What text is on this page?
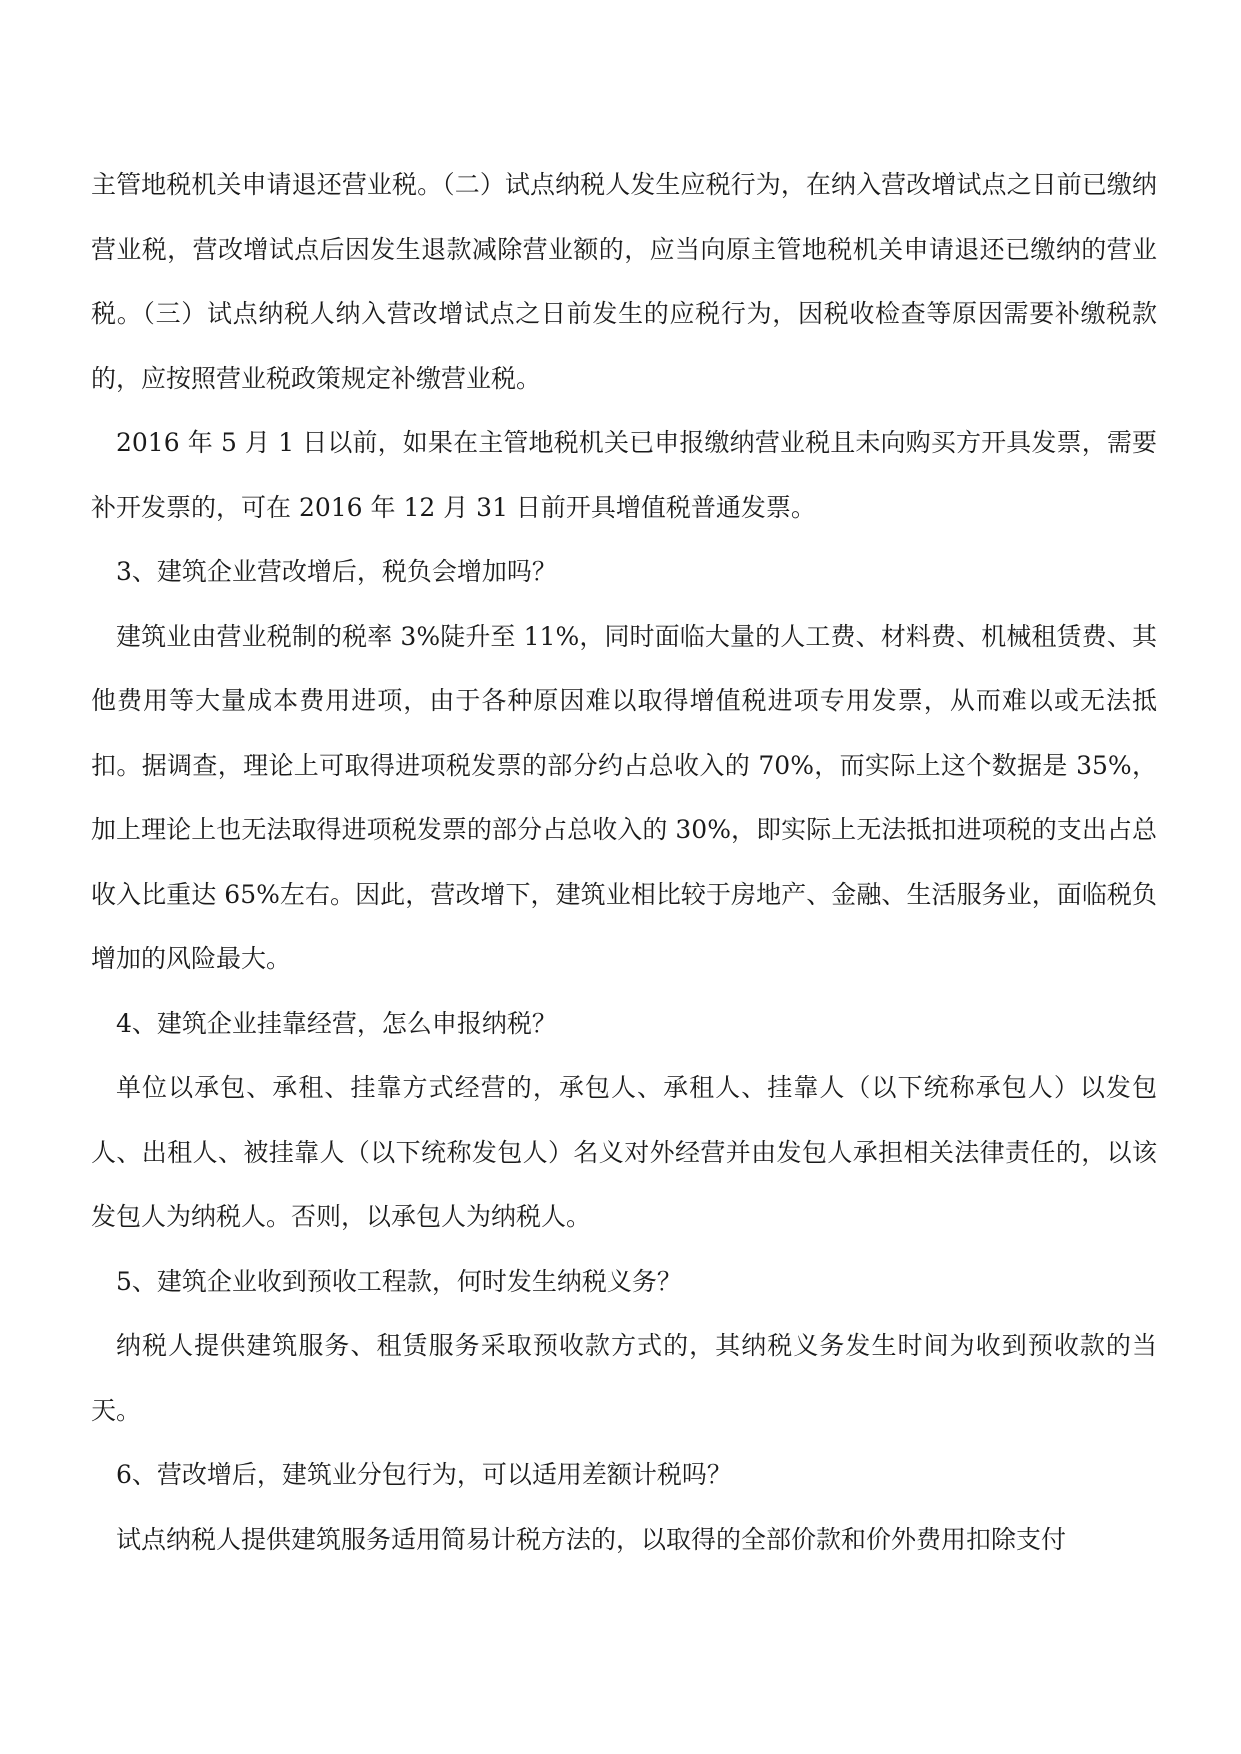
主管地税机关申请退还营业税。（二）试点纳税人发生应税行为，在纳入营改增试点之日前已缴纳营业税，营改增试点后因发生退款减除营业额的，应当向原主管地税机关申请退还已缴纳的营业税。（三）试点纳税人纳入营改增试点之日前发生的应税行为，因税收检查等原因需要补缴税款的，应按照营业税政策规定补缴营业税。

2016 年 5 月 1 日以前，如果在主管地税机关已申报缴纳营业税且未向购买方开具发票，需要补开发票的，可在 2016 年 12 月 31 日前开具增值税普通发票。

3、建筑企业营改增后，税负会增加吗？

建筑业由营业税制的税率 3%陡升至 11%，同时面临大量的人工费、材料费、机械租赁费、其他费用等大量成本费用进项，由于各种原因难以取得增值税进项专用发票，从而难以或无法抵扣。据调查，理论上可取得进项税发票的部分约占总收入的 70%，而实际上这个数据是 35%，加上理论上也无法取得进项税发票的部分占总收入的 30%，即实际上无法抵扣进项税的支出占总收入比重达 65%左右。因此，营改增下，建筑业相比较于房地产、金融、生活服务业，面临税负增加的风险最大。

4、建筑企业挂靠经营，怎么申报纳税？

单位以承包、承租、挂靠方式经营的，承包人、承租人、挂靠人（以下统称承包人）以发包人、出租人、被挂靠人（以下统称发包人）名义对外经营并由发包人承担相关法律责任的，以该发包人为纳税人。否则，以承包人为纳税人。

5、建筑企业收到预收工程款，何时发生纳税义务？

纳税人提供建筑服务、租赁服务采取预收款方式的，其纳税义务发生时间为收到预收款的当天。

6、营改增后，建筑业分包行为，可以适用差额计税吗？

试点纳税人提供建筑服务适用简易计税方法的，以取得的全部价款和价外费用扣除支付
